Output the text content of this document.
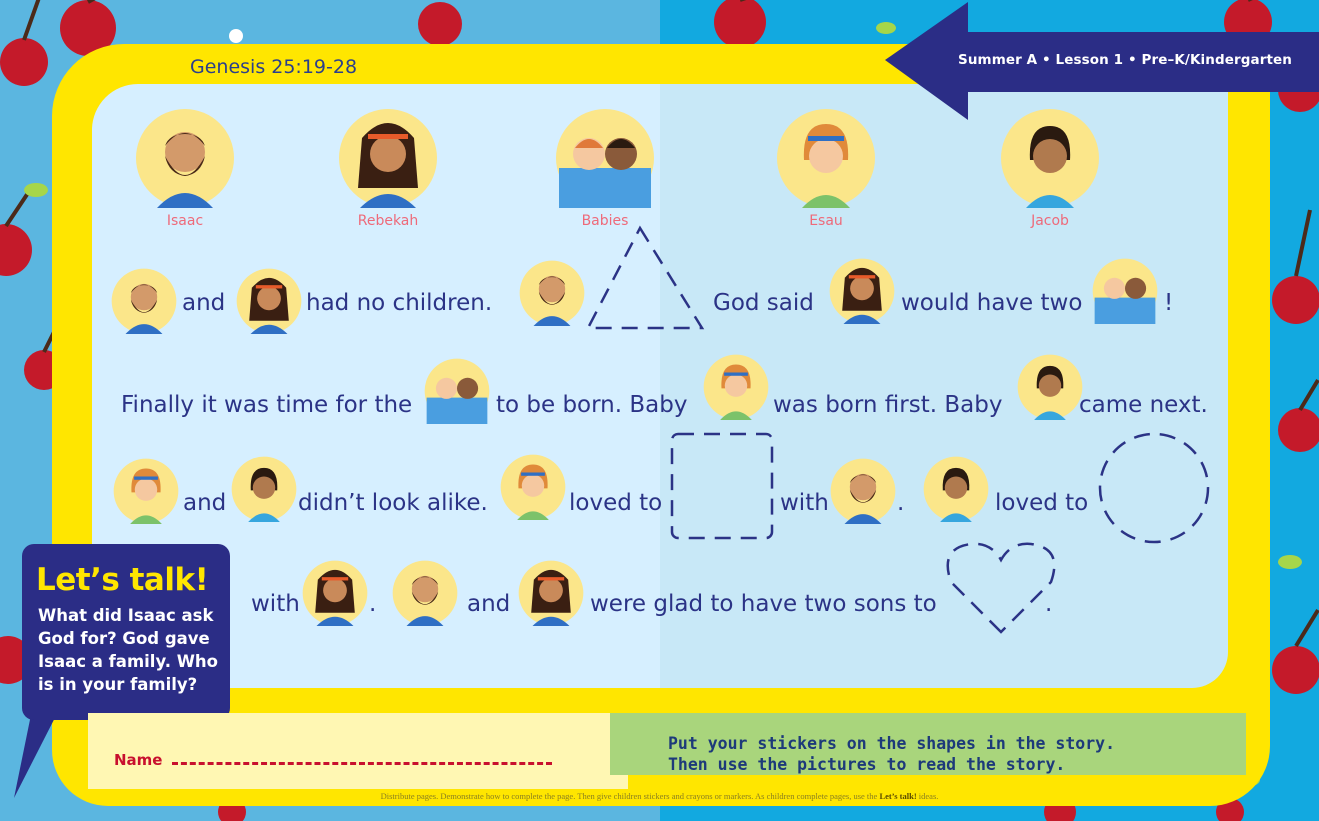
Genesis 25:19-28	Summer A • Lesson 1 • Pre–K/Kindergarten
Isaac	Rebekah	Babies	Esau	Jacob
and	had no children.	God said	would have two	!
Finally it was time for the	to be born. Baby	was born first. Baby	came next.
and	didn’t look alike.	loved to	with	.	loved to
with	.	and	were glad to have two sons to	.
Let’s talk!

What did Isaac ask God for? God gave Isaac a family. Who is in your family?

Name
Put your stickers on the shapes in the story.
Then use the pictures to read the story.
Distribute pages. Demonstrate how to complete the page. Then give children stickers and crayons or markers. As children complete pages, use the Let’s talk! ideas.
